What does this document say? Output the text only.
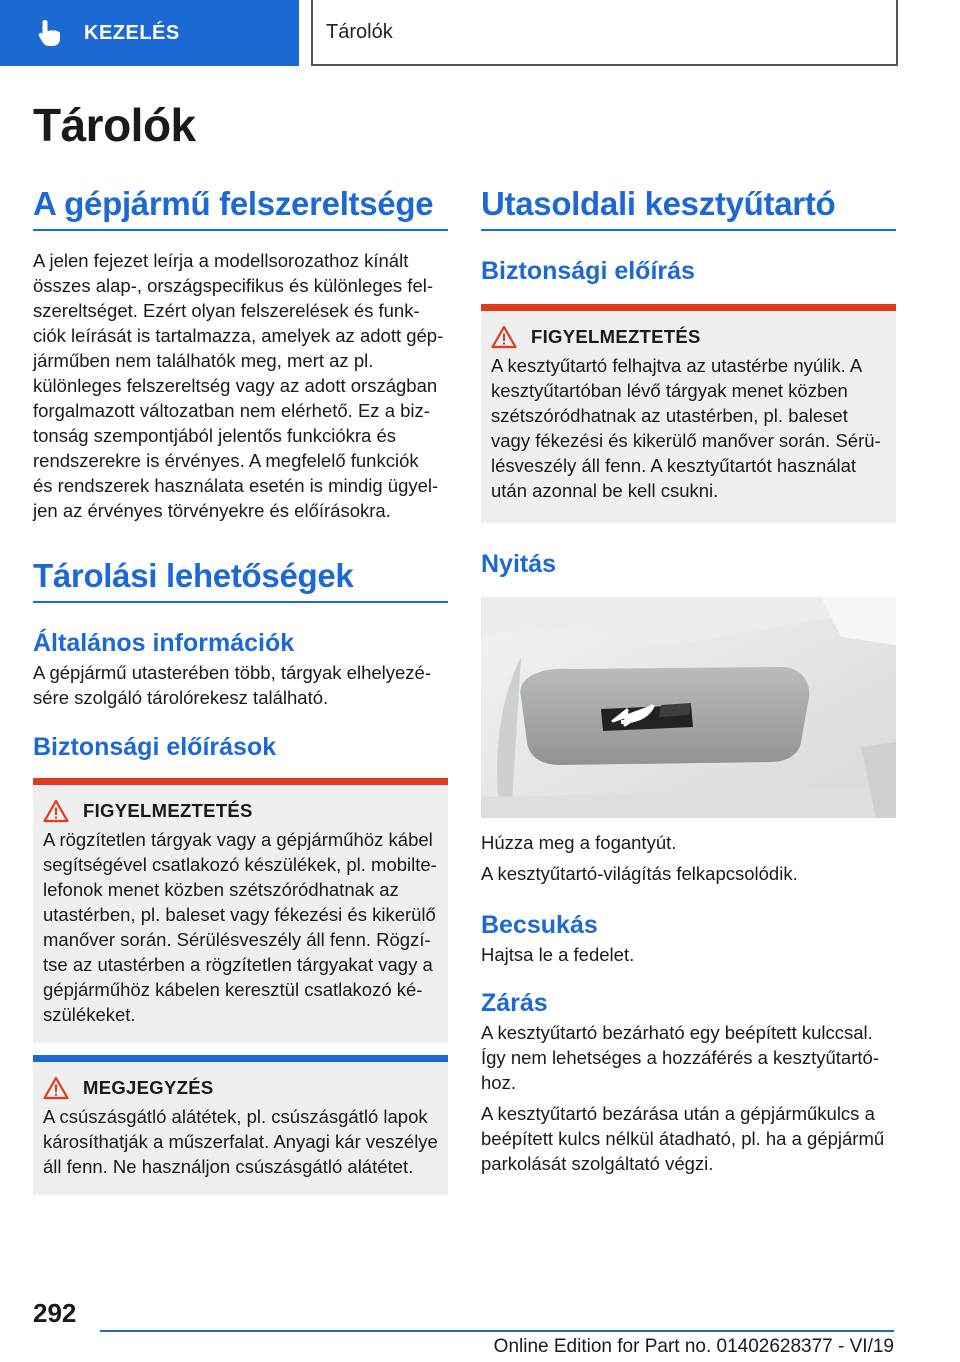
KEZELÉS	Tárolók
Tárolók
A gépjármű felszereltsége

A jelen fejezet leírja a modellsorozathoz kínált
összes alap-, országspecifikus és különleges fel-
szereltséget. Ezért olyan felszerelések és funk-
ciók leírását is tartalmazza, amelyek az adott gép-
járműben nem találhatók meg, mert az pl.
különleges felszereltség vagy az adott országban
forgalmazott változatban nem elérhető. Ez a biz-
tonság szempontjából jelentős funkciókra és
rendszerekre is érvényes. A megfelelő funkciók
és rendszerek használata esetén is mindig ügyel-
jen az érvényes törvényekre és előírásokra.

Tárolási lehetőségek
Általános információk

A gépjármű utasterében több, tárgyak elhelyezé-
sére szolgáló tárolórekesz található.

Biztonsági előírások
FIGYELMEZTETÉS

A rögzítetlen tárgyak vagy a gépjárműhöz kábel
segítségével csatlakozó készülékek, pl. mobilte-
lefonok menet közben szétszóródhatnak az
utastérben, pl. baleset vagy fékezési és kikerülő
manőver során. Sérülésveszély áll fenn. Rögzí-
tse az utastérben a rögzítetlen tárgyakat vagy a
gépjárműhöz kábelen keresztül csatlakozó ké-
szülékeket.

MEGJEGYZÉS

A csúszásgátló alátétek, pl. csúszásgátló lapok
károsíthatják a műszerfalat. Anyagi kár veszélye
áll fenn. Ne használjon csúszásgátló alátétet.

Utasoldali kesztyűtartó
Biztonsági előírás
FIGYELMEZTETÉS

A kesztyűtartó felhajtva az utastérbe nyúlik. A
kesztyűtartóban lévő tárgyak menet közben
szétszóródhatnak az utastérben, pl. baleset
vagy fékezési és kikerülő manőver során. Sérü-
lésveszély áll fenn. A kesztyűtartót használat
után azonnal be kell csukni.

Nyitás

Húzza meg a fogantyút.

A kesztyűtartó-világítás felkapcsolódik.

Becsukás

Hajtsa le a fedelet.

Zárás

A kesztyűtartó bezárható egy beépített kulccsal.
Így nem lehetséges a hozzáférés a kesztyűtartó-
hoz.

A kesztyűtartó bezárása után a gépjárműkulcs a
beépített kulcs nélkül átadható, pl. ha a gépjármű
parkolását szolgáltató végzi.

292
Online Edition for Part no. 01402628377 - VI/19
